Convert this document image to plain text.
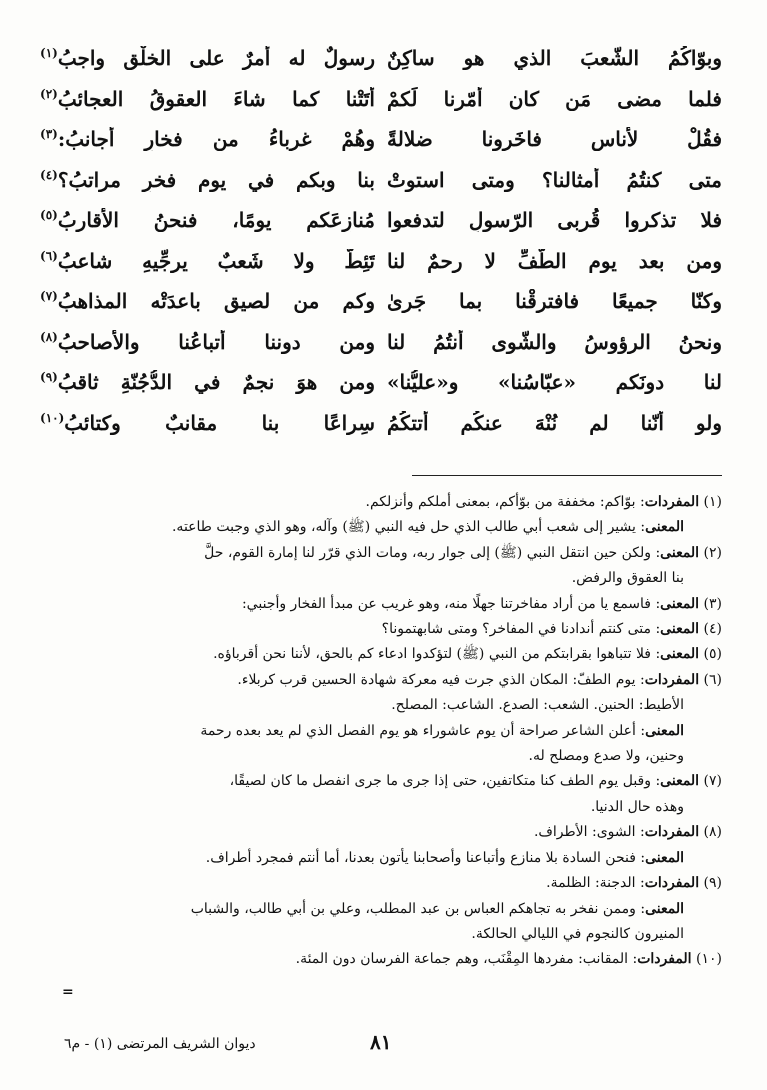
وبوّاكُمُ الشّعبَ الذي هو ساكِنٌ
رسولٌ له أمرٌ على الخلْق واجبُ$^{(١)}$
فلما مضى مَن كان أمّرنا لَكمْ
أتَتْنا كما شاءَ العقوقُ العجائبُ$^{(٢)}$
فقُلْ لأُناسٍ فاخَرونا ضلالةً
وهُمْ غرباءُ من فخارٍ أجانبُ:$^{(٣)}$
متى كنتُمُ أمثالنا؟ ومتى استوتْ
بنا وبكم في يوم فخرٍ مراتبُ؟$^{(٤)}$
فلا تذكروا قُربى الرّسولِ لتدفعوا
مُنازِعَكم يومًا، فنحنُ الأقاربُ$^{(٥)}$
ومن بعد يوم الطّفِّ لا رحمٌ لنا
تَئِطُّ ولا شَعبٌ يرجِّيهِ شاعبُ$^{(٦)}$
وكنّا جميعًا فافترقْنا بما جَرىٰ
وكم من لصيقٍ باعدَتْه المذاهبُ$^{(٧)}$
ونحنُ الرؤوسُ والشّوى أنتُمُ لنا
ومن دوننا أتباعُنا والأصاحبُ$^{(٨)}$
لنا دونَكم «عبّاسُنا» و«عليُّنا»
ومن هوَ نجمٌ في الدُّجُنّةِ ثاقبُ$^{(٩)}$
ولو أنّنا لم نُنْهَ عنكُم أتتكُمُ
سِراعًا بنا مقانبٌ وكتائبُ$^{(١٠)}$
(١) المفردات: بوّاكم: مخففة من بوّأكم، بمعنى أملكم وأنزلكم.
المعنى: يشير إلى شعب أبي طالب الذي حل فيه النبي (ﷺ) وآله، وهو الذي وجبت طاعته.
(٢) المعنى: ولكن حين انتقل النبي (ﷺ) إلى جوار ربه، ومات الذي قرّر لنا إمارة القوم، حلَّ
بنا العقوق والرفض.
(٣) المعنى: فاسمع يا من أراد مفاخرتنا جهلًا منه، وهو غريب عن مبدأ الفخار وأجنبي:
(٤) المعنى: متى كنتم أندادنا في المفاخر؟ ومتى شابهتمونا؟
(٥) المعنى: فلا تتباهوا بقرابتكم من النبي (ﷺ) لتؤكدوا ادعاء كم بالحق، لأننا نحن أقرباؤه.
(٦) المفردات: يوم الطفّ: المكان الذي جرت فيه معركة شهادة الحسين قرب كربلاء.
الأطيط: الحنين. الشعب: الصدع. الشاعب: المصلح.
المعنى: أعلن الشاعر صراحة أن يوم عاشوراء هو يوم الفصل الذي لم يعد بعده رحمة
وحنين، ولا صدع ومصلح له.
(٧) المعنى: وقبل يوم الطف كنا متكاتفين، حتى إذا جرى ما جرى انفصل ما كان لصيقًا،
وهذه حال الدنيا.
(٨) المفردات: الشوى: الأطراف.
المعنى: فنحن السادة بلا منازع وأتباعنا وأصحابنا يأتون بعدنا، أما أنتم فمجرد أطراف.
(٩) المفردات: الدجنة: الظلمة.
المعنى: وممن نفخر به تجاهكم العباس بن عبد المطلب، وعلي بن أبي طالب، والشباب
المنيرون كالنجوم في الليالي الحالكة.
(١٠) المفردات: المقانب: مفردها المِقْنَب، وهم جماعة الفرسان دون المئة.
=
٨١
ديوان الشريف المرتضى (١) - م٦
